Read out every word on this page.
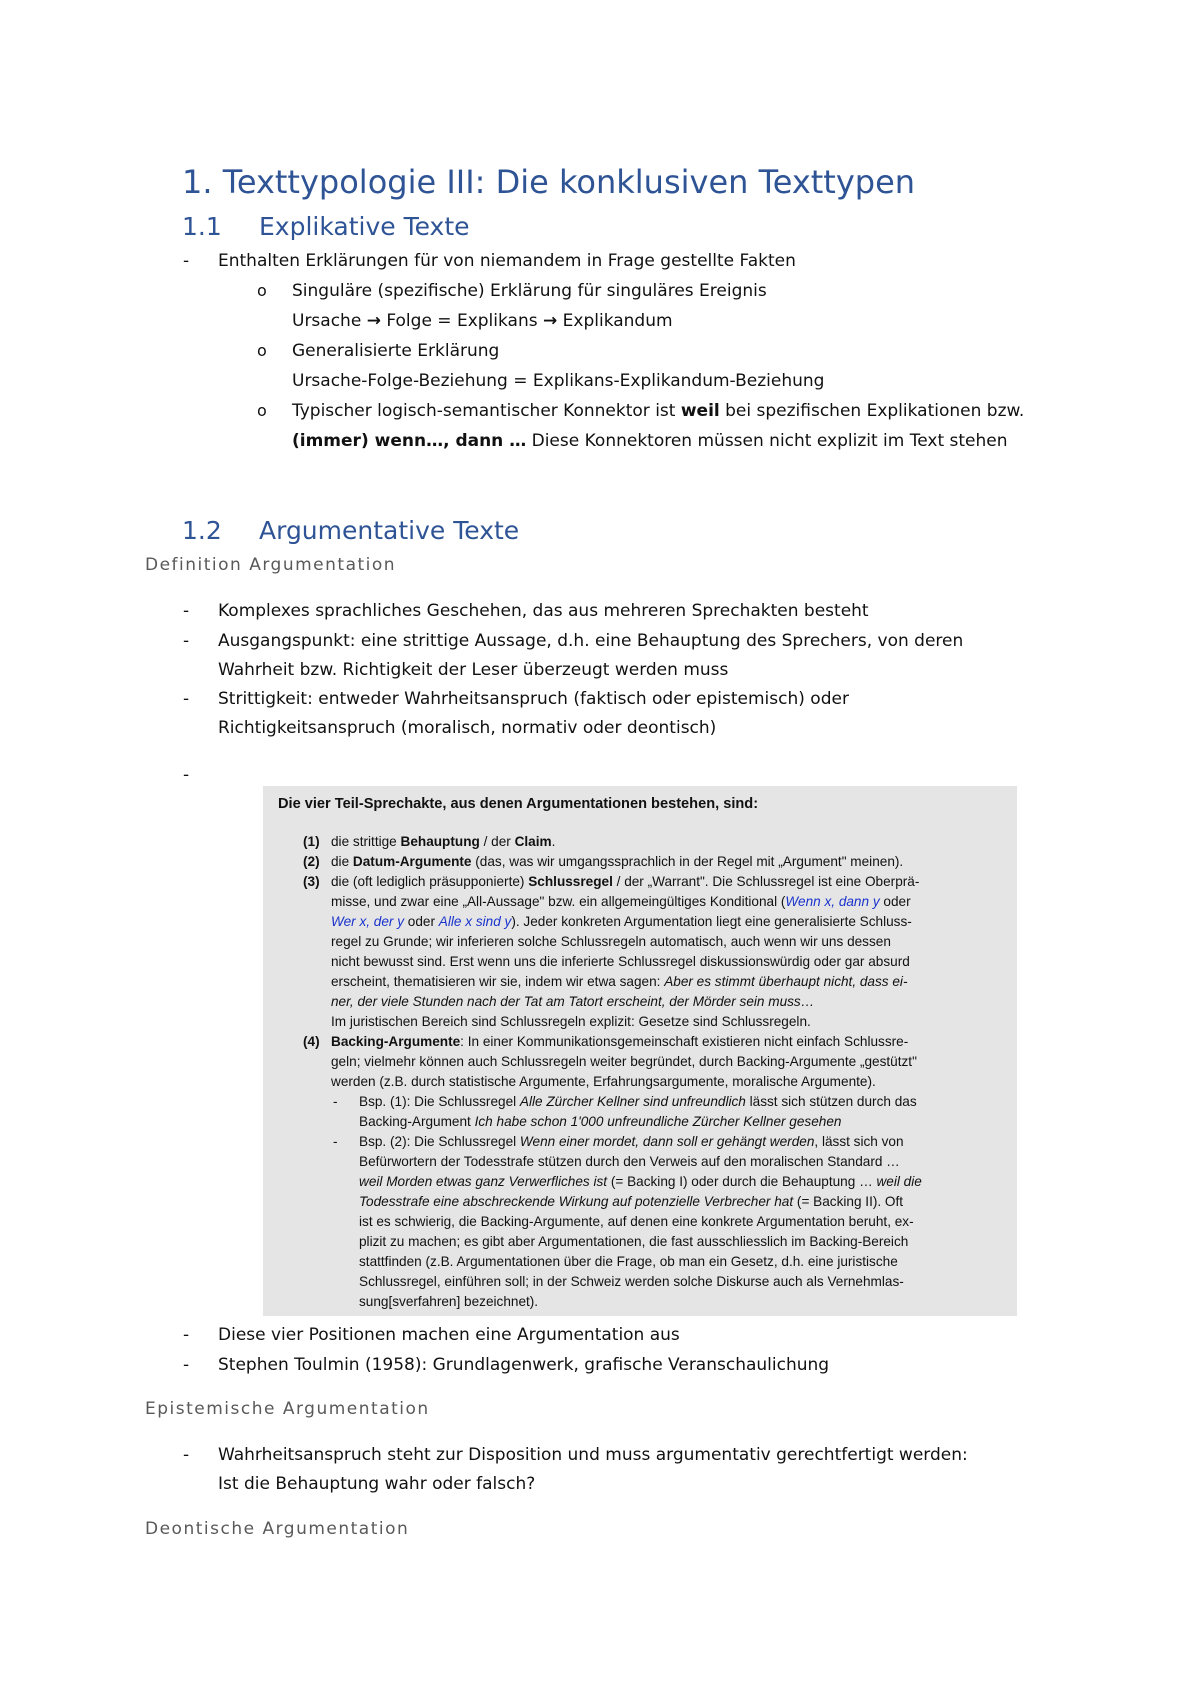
1. Texttypologie III: Die konklusiven Texttypen
1.1 Explikative Texte
- Enthalten Erklärungen für von niemandem in Frage gestellte Fakten
o Singuläre (spezifische) Erklärung für singuläres Ereignis
Ursache → Folge = Explikans → Explikandum
o Generalisierte Erklärung
Ursache-Folge-Beziehung = Explikans-Explikandum-Beziehung
o Typischer logisch-semantischer Konnektor ist weil bei spezifischen Explikationen bzw.
(immer) wenn…, dann … Diese Konnektoren müssen nicht explizit im Text stehen
1.2 Argumentative Texte
Definition Argumentation
- Komplexes sprachliches Geschehen, das aus mehreren Sprechakten besteht
- Ausgangspunkt: eine strittige Aussage, d.h. eine Behauptung des Sprechers, von deren
Wahrheit bzw. Richtigkeit der Leser überzeugt werden muss
- Strittigkeit: entweder Wahrheitsanspruch (faktisch oder epistemisch) oder
Richtigkeitsanspruch (moralisch, normativ oder deontisch)
-
Die vier Teil-Sprechakte, aus denen Argumentationen bestehen, sind:
(1) die strittige Behauptung / der Claim.
(2) die Datum-Argumente (das, was wir umgangssprachlich in der Regel mit „Argument" meinen).
(3) die (oft lediglich präsupponierte) Schlussregel / der „Warrant". Die Schlussregel ist eine Oberprä-
misse, und zwar eine „All-Aussage" bzw. ein allgemeingültiges Konditional (Wenn x, dann y oder
Wer x, der y oder Alle x sind y). Jeder konkreten Argumentation liegt eine generalisierte Schluss-
regel zu Grunde; wir inferieren solche Schlussregeln automatisch, auch wenn wir uns dessen
nicht bewusst sind. Erst wenn uns die inferierte Schlussregel diskussionswürdig oder gar absurd
erscheint, thematisieren wir sie, indem wir etwa sagen: Aber es stimmt überhaupt nicht, dass ei-
ner, der viele Stunden nach der Tat am Tatort erscheint, der Mörder sein muss…
Im juristischen Bereich sind Schlussregeln explizit: Gesetze sind Schlussregeln.
(4) Backing-Argumente: In einer Kommunikationsgemeinschaft existieren nicht einfach Schlussre-
geln; vielmehr können auch Schlussregeln weiter begründet, durch Backing-Argumente „gestützt"
werden (z.B. durch statistische Argumente, Erfahrungsargumente, moralische Argumente).
- Bsp. (1): Die Schlussregel Alle Zürcher Kellner sind unfreundlich lässt sich stützen durch das
Backing-Argument Ich habe schon 1'000 unfreundliche Zürcher Kellner gesehen
- Bsp. (2): Die Schlussregel Wenn einer mordet, dann soll er gehängt werden, lässt sich von
Befürwortern der Todesstrafe stützen durch den Verweis auf den moralischen Standard …
weil Morden etwas ganz Verwerfliches ist (= Backing I) oder durch die Behauptung … weil die
Todesstrafe eine abschreckende Wirkung auf potenzielle Verbrecher hat (= Backing II). Oft
ist es schwierig, die Backing-Argumente, auf denen eine konkrete Argumentation beruht, ex-
plizit zu machen; es gibt aber Argumentationen, die fast ausschliesslich im Backing-Bereich
stattfinden (z.B. Argumentationen über die Frage, ob man ein Gesetz, d.h. eine juristische
Schlussregel, einführen soll; in der Schweiz werden solche Diskurse auch als Vernehmlas-
sung[sverfahren] bezeichnet).
- Diese vier Positionen machen eine Argumentation aus
- Stephen Toulmin (1958): Grundlagenwerk, grafische Veranschaulichung
Epistemische Argumentation
- Wahrheitsanspruch steht zur Disposition und muss argumentativ gerechtfertigt werden:
Ist die Behauptung wahr oder falsch?
Deontische Argumentation
